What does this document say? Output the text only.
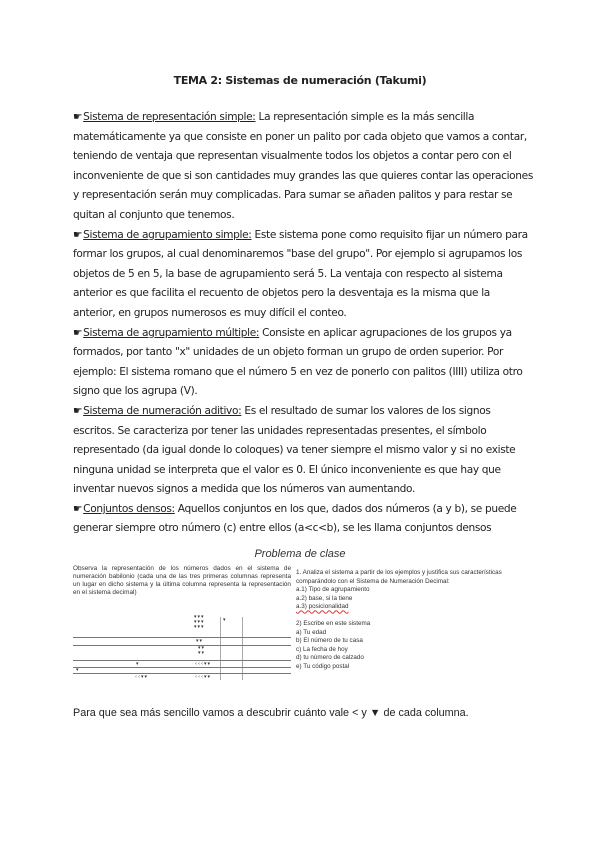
TEMA 2: Sistemas de numeración (Takumi)

☛Sistema de representación simple: La representación simple es la más sencilla matemáticamente ya que consiste en poner un palito por cada objeto que vamos a contar, teniendo de ventaja que representan visualmente todos los objetos a contar pero con el inconveniente de que si son cantidades muy grandes las que quieres contar las operaciones y representación serán muy complicadas. Para sumar se añaden palitos y para restar se quitan al conjunto que tenemos.

☛Sistema de agrupamiento simple: Este sistema pone como requisito fijar un número para formar los grupos, al cual denominaremos "base del grupo". Por ejemplo si agrupamos los objetos de 5 en 5, la base de agrupamiento será 5. La ventaja con respecto al sistema anterior es que facilita el recuento de objetos pero la desventaja es la misma que la anterior, en grupos numerosos es muy difícil el conteo.

☛Sistema de agrupamiento múltiple: Consiste en aplicar agrupaciones de los grupos ya formados, por tanto "x" unidades de un objeto forman un grupo de orden superior. Por ejemplo: El sistema romano que el número 5 en vez de ponerlo con palitos (IIII) utiliza otro signo que los agrupa (V).

☛Sistema de numeración aditivo: Es el resultado de sumar los valores de los signos escritos. Se caracteriza por tener las unidades representadas presentes, el símbolo representado (da igual donde lo coloques) va tener siempre el mismo valor y si no existe ninguna unidad se interpreta que el valor es 0. El único inconveniente es que hay que inventar nuevos signos a medida que los números van aumentando.

☛Conjuntos densos: Aquellos conjuntos en los que, dados dos números (a y b), se puede generar siempre otro número (c) entre ellos (a<c<b), se les llama conjuntos densos

Problema de clase
Observa la representación de los números dados en el sistema de numeración babilonio (cada una de las tres primeras columnas representa un lugar en dicho sistema y la última columna representa la representación en el sistema decimal)
▾▾▾
▾▾▾
▾▾▾
▾
▾▾
▾▾
▾▾
▾	‹‹‹▾▾
▾
‹‹▾▾	‹‹‹▾▾
1. Analiza el sistema a partir de los ejemplos y justifica sus características comparándolo con el Sistema de Numeración Decimal:
a.1) Tipo de agrupamiento
a.2) base, si la tiene
a.3) posicionalidad
2) Escribe en este sistema
a) Tu edad
b) El número de tu casa
c) La fecha de hoy
d) tu número de calzado
e) Tu código postal
Para que sea más sencillo vamos a descubrir cuánto vale < y ▼ de cada columna.
